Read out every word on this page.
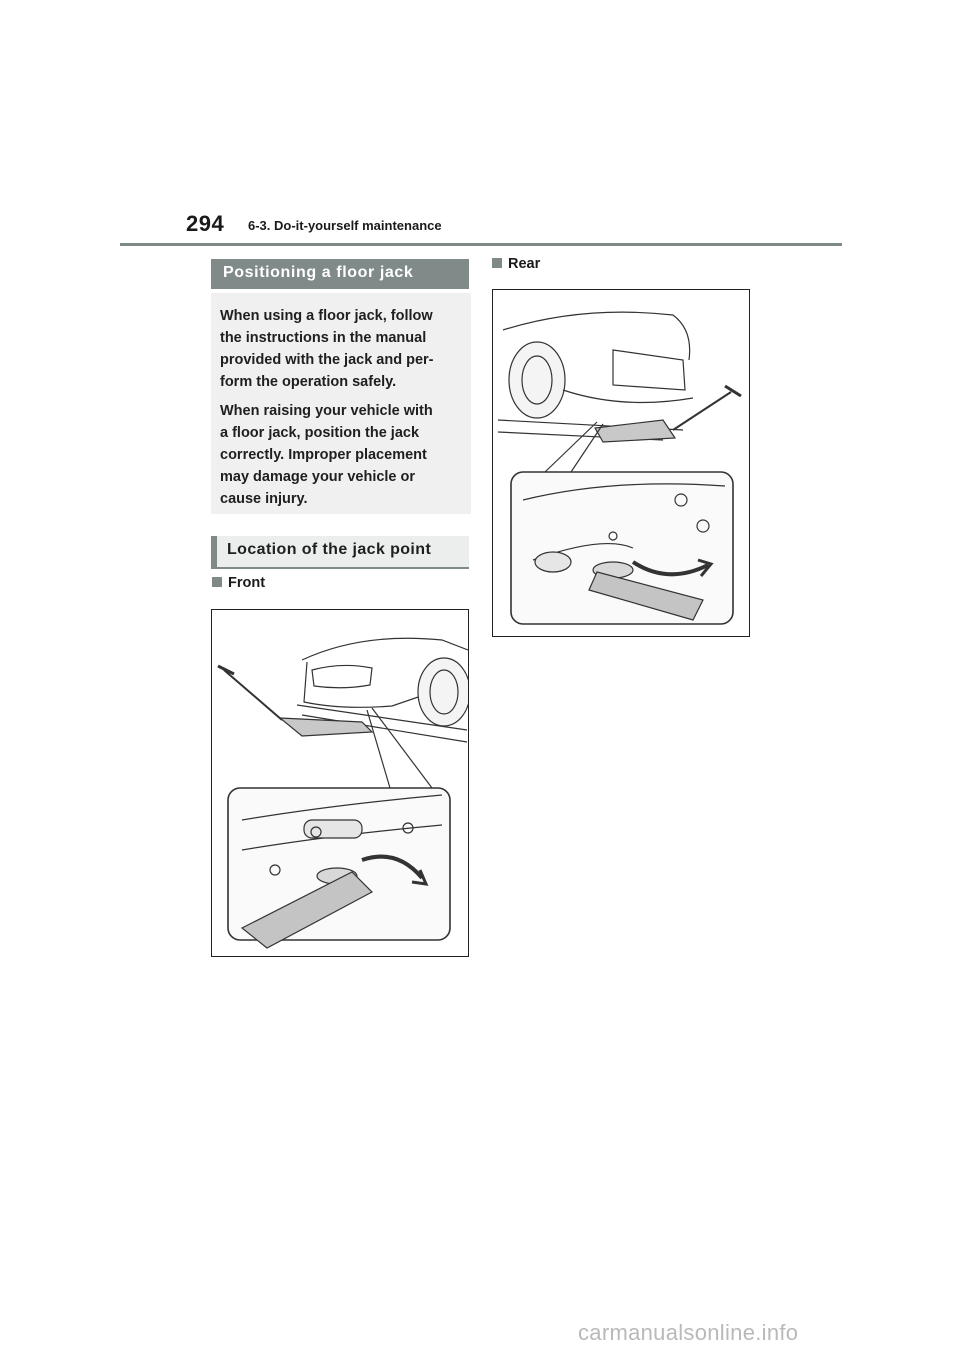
294 6-3. Do-it-yourself maintenance
Positioning a floor jack

When using a floor jack, follow

the instructions in the manual

provided with the jack and per-

form the operation safely.

When raising your vehicle with

a floor jack, position the jack

correctly. Improper placement

may damage your vehicle or

cause injury.

Location of the jack point
Front
Rear
carmanualsonline.info
